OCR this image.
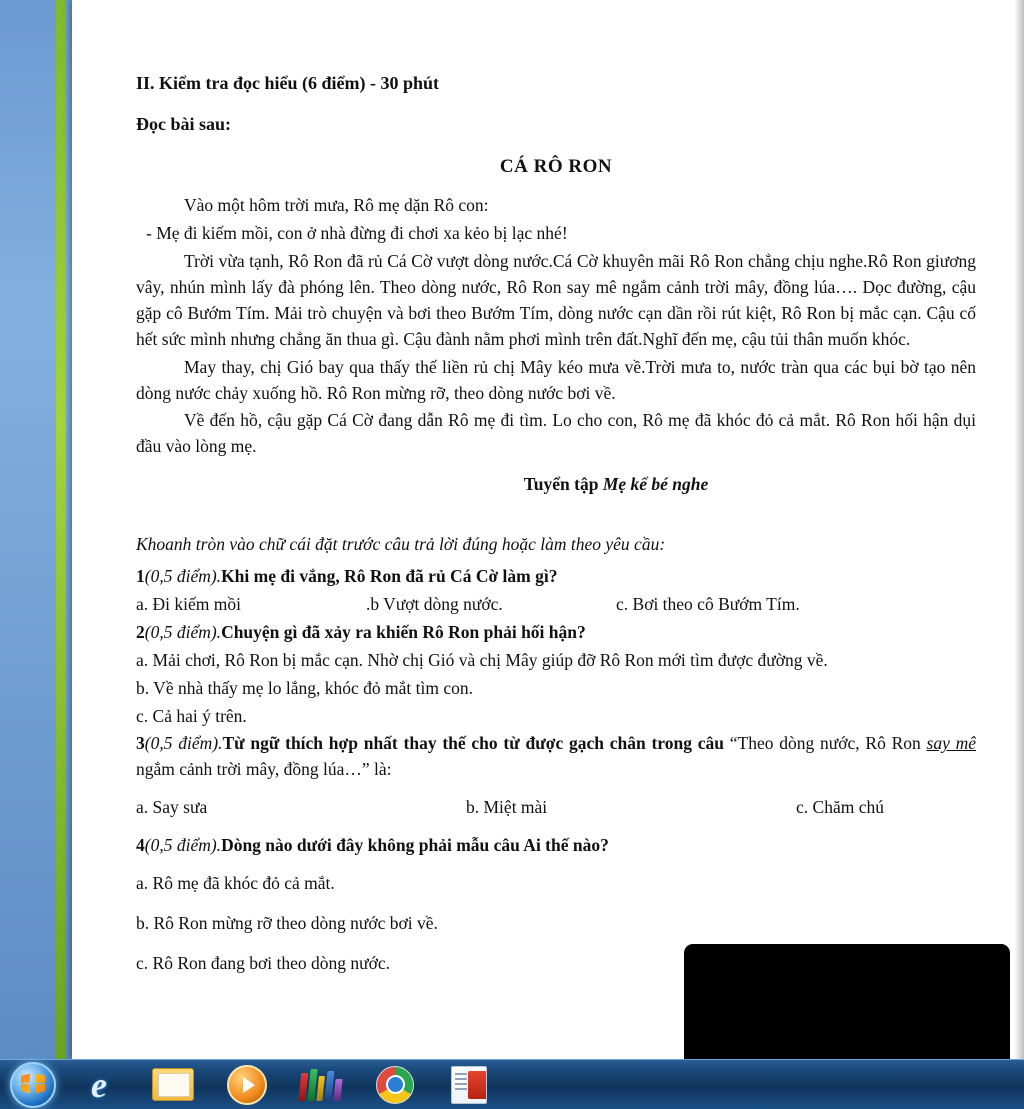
II. Kiểm tra đọc hiểu (6 điểm) - 30 phút
Đọc bài sau:
CÁ RÔ RON

Vào một hôm trời mưa, Rô mẹ dặn Rô con:

- Mẹ đi kiếm mồi, con ở nhà đừng đi chơi xa kẻo bị lạc nhé!

Trời vừa tạnh, Rô Ron đã rủ Cá Cờ vượt dòng nước.Cá Cờ khuyên mãi Rô Ron chẳng chịu nghe.Rô Ron giương vây, nhún mình lấy đà phóng lên. Theo dòng nước, Rô Ron say mê ngắm cảnh trời mây, đồng lúa…. Dọc đường, cậu gặp cô Bướm Tím. Mải trò chuyện và bơi theo Bướm Tím, dòng nước cạn dần rồi rút kiệt, Rô Ron bị mắc cạn. Cậu cố hết sức mình nhưng chẳng ăn thua gì. Cậu đành nằm phơi mình trên đất.Nghĩ đến mẹ, cậu tủi thân muốn khóc.

May thay, chị Gió bay qua thấy thế liền rủ chị Mây kéo mưa về.Trời mưa to, nước tràn qua các bụi bờ tạo nên dòng nước chảy xuống hồ. Rô Ron mừng rỡ, theo dòng nước bơi về.

Về đến hồ, cậu gặp Cá Cờ đang dẫn Rô mẹ đi tìm. Lo cho con, Rô mẹ đã khóc đỏ cả mắt. Rô Ron hối hận dụi đầu vào lòng mẹ.

Tuyển tập Mẹ kể bé nghe

Khoanh tròn vào chữ cái đặt trước câu trả lời đúng hoặc làm theo yêu cầu:

1(0,5 điểm).Khi mẹ đi vắng, Rô Ron đã rủ Cá Cờ làm gì?

a. Đi kiếm mồi	.b Vượt dòng nước.	c. Bơi theo cô Bướm Tím.

2(0,5 điểm).Chuyện gì đã xảy ra khiến Rô Ron phải hối hận?

a. Mải chơi, Rô Ron bị mắc cạn. Nhờ chị Gió và chị Mây giúp đỡ Rô Ron mới tìm được đường về.

b. Về nhà thấy mẹ lo lắng, khóc đỏ mắt tìm con.

c. Cả hai ý trên.

3(0,5 điểm).Từ ngữ thích hợp nhất thay thế cho từ được gạch chân trong câu “Theo dòng nước, Rô Ron say mê ngắm cảnh trời mây, đồng lúa…” là:

a. Say sưa	b. Miệt mài	c. Chăm chú

4(0,5 điểm).Dòng nào dưới đây không phải mẫu câu Ai thế nào?

a. Rô mẹ đã khóc đỏ cả mắt.

b. Rô Ron mừng rỡ theo dòng nước bơi về.

c. Rô Ron đang bơi theo dòng nước.

e
